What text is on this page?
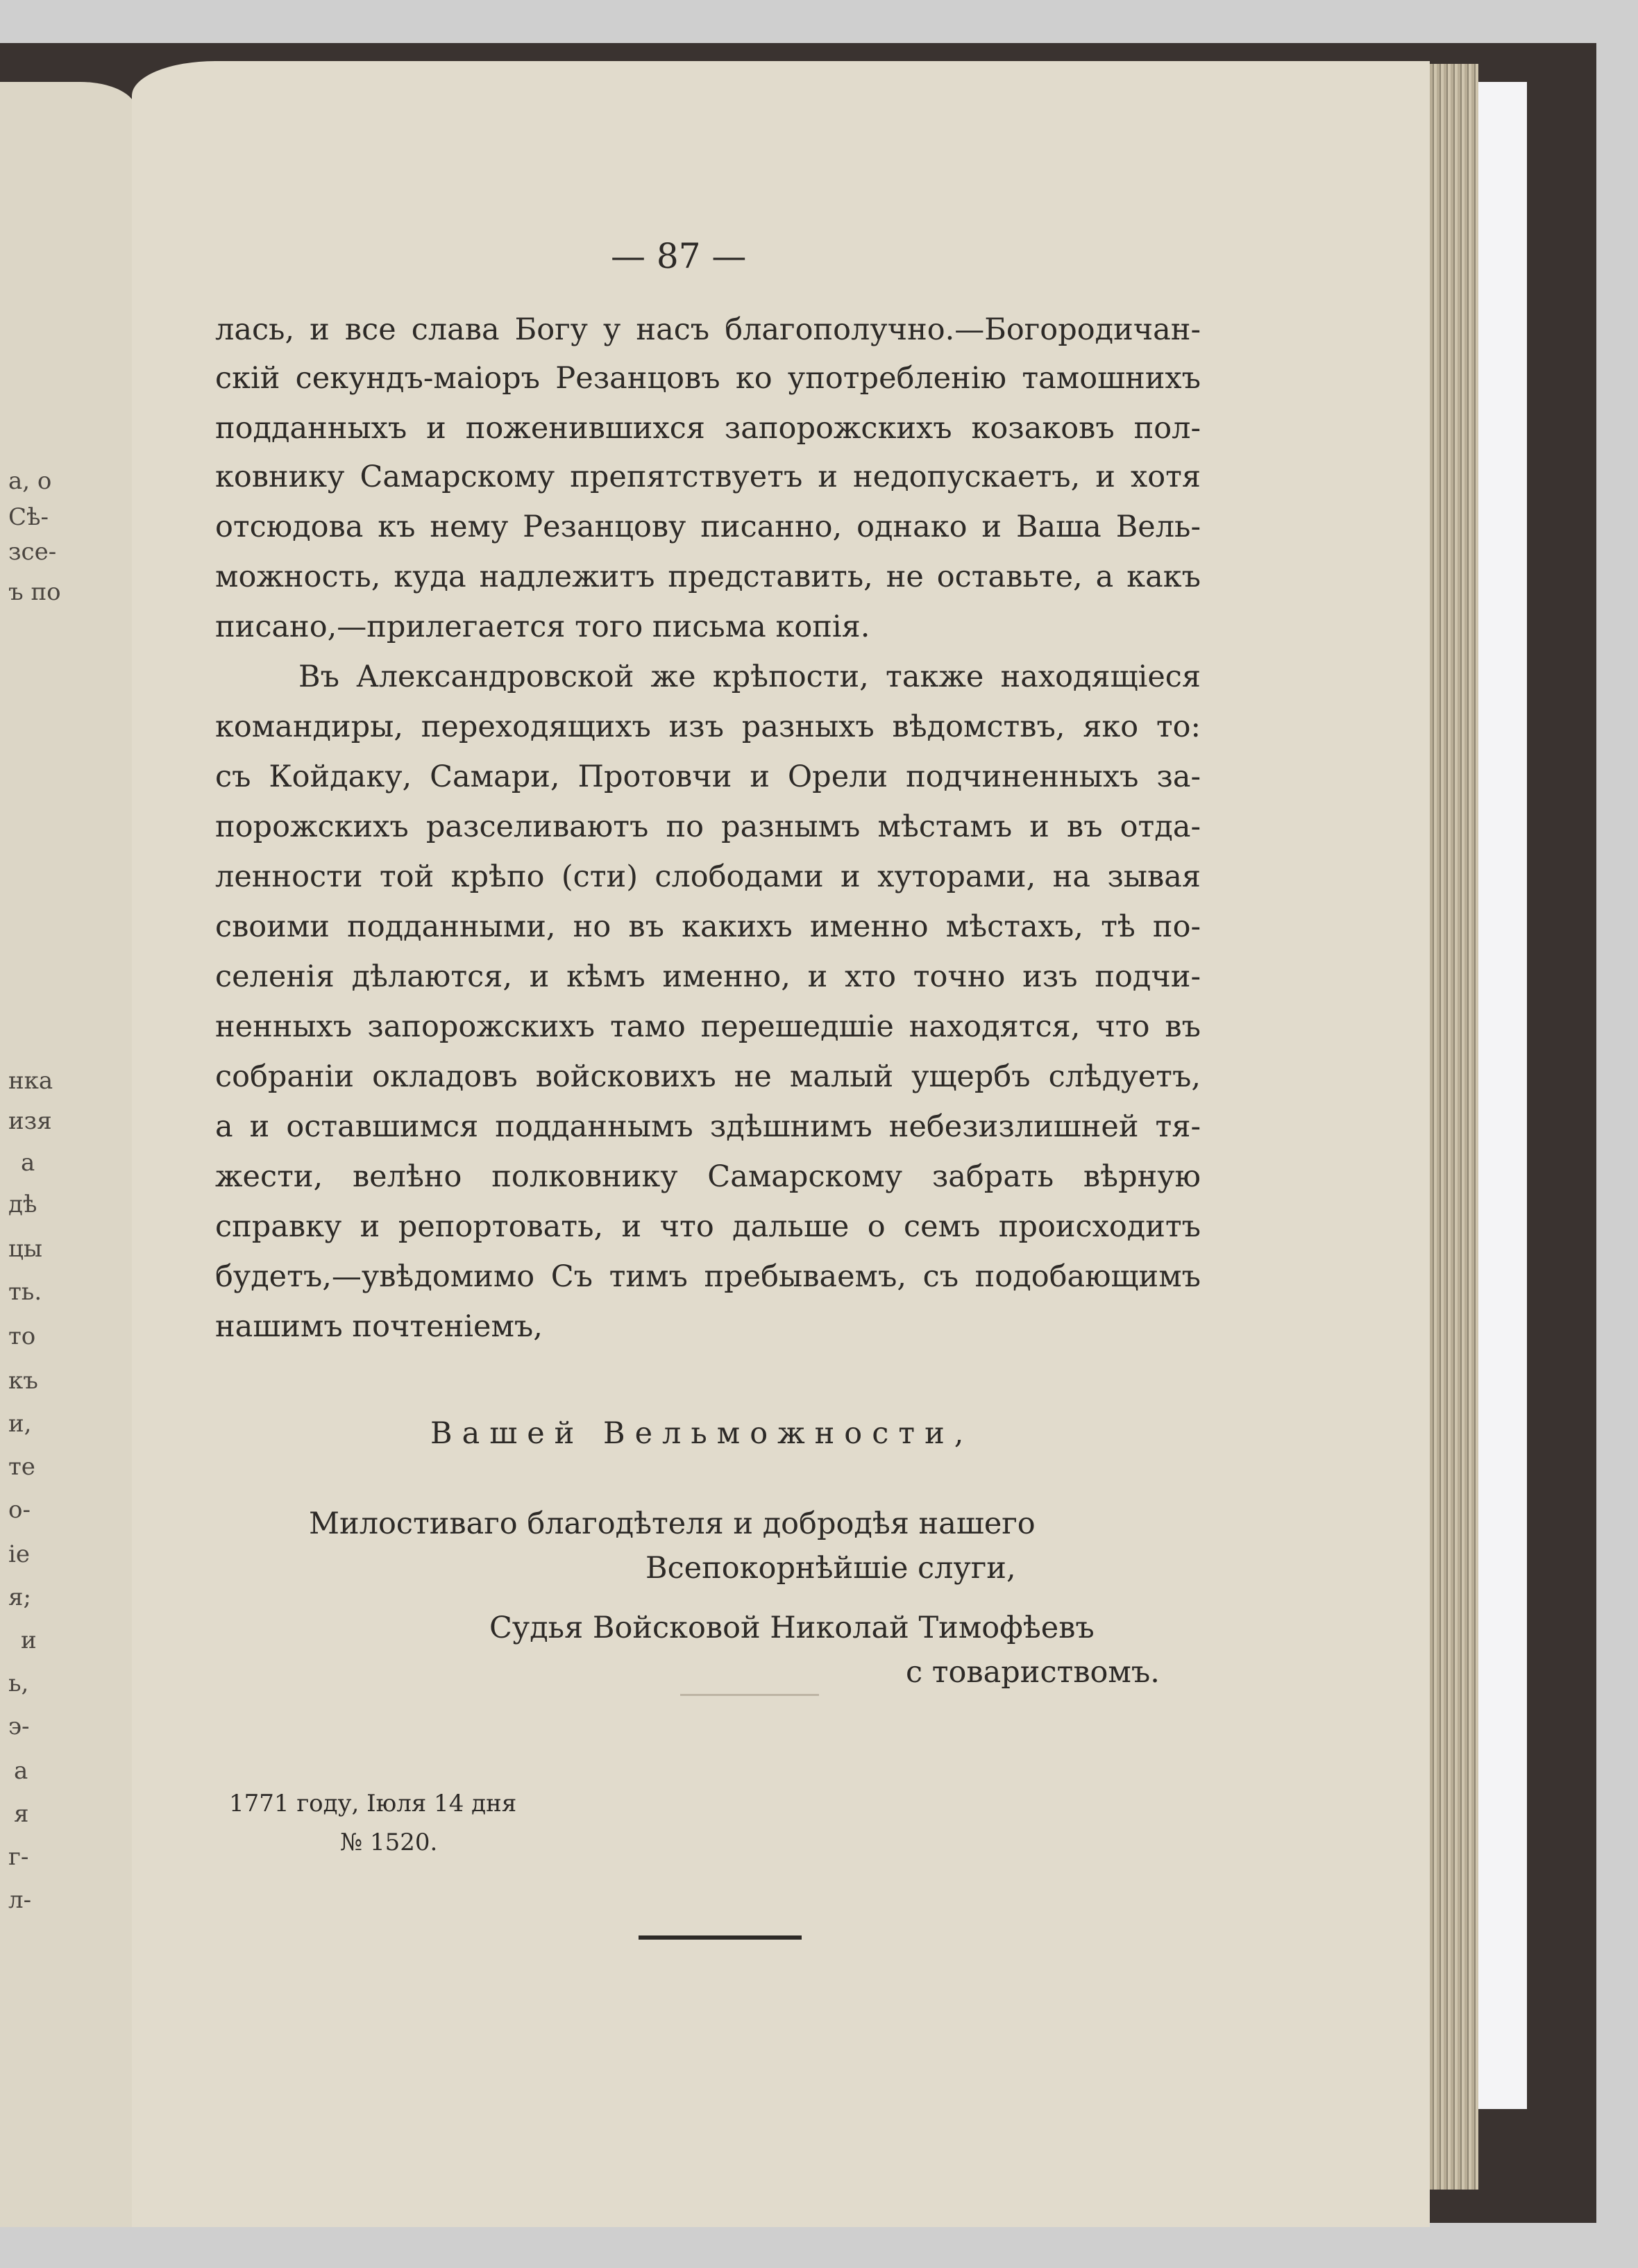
а, о
Сѣ-
зсе-
ъ по
нка
изя
а
дѣ
цы
ть.
то
къ
и,
те
о-
іе
я;
и
ь,
э-
а
я
г-
л-
— 87 —
лась, и все слава Богу у насъ благополучно.—Богородичан-
скій секундъ-маіоръ Резанцовъ ко употребленію тамошнихъ
подданныхъ и поженившихся запорожскихъ козаковъ пол-
ковнику Самарскому препятствуетъ и недопускаетъ, и хотя
отсюдова къ нему Резанцову писанно, однако и Ваша Вель-
можность, куда надлежитъ представить, не оставьте, а какъ
писано,—прилегается того письма копія.
Въ Александровской же крѣпости, также находящіеся
командиры, переходящихъ изъ разныхъ вѣдомствъ, яко то:
съ Койдаку, Самари, Протовчи и Орели подчиненныхъ за-
порожскихъ разселиваютъ по разнымъ мѣстамъ и въ отда-
ленности той крѣпо (сти) слободами и хуторами, на зывая
своими подданными, но въ какихъ именно мѣстахъ, тѣ по-
селенія дѣлаются, и кѣмъ именно, и хто точно изъ подчи-
ненныхъ запорожскихъ тамо перешедшіе находятся, что въ
собраніи окладовъ войсковихъ не малый ущербъ слѣдуетъ,
а и оставшимся подданнымъ здѣшнимъ небезизлишней тя-
жести, велѣно полковнику Самарскому забрать вѣрную
справку и репортовать, и что дальше о семъ происходитъ
будетъ,—увѣдомимо Съ тимъ пребываемъ, съ подобающимъ
нашимъ почтеніемъ,
Вашей Вельможности,
Милостиваго благодѣтеля и добродѣя нашего
Всепокорнѣйшіе слуги,
Судья Войсковой Николай Тимофѣевъ
с товариствомъ.
1771 году, Іюля 14 дня
№ 1520.
